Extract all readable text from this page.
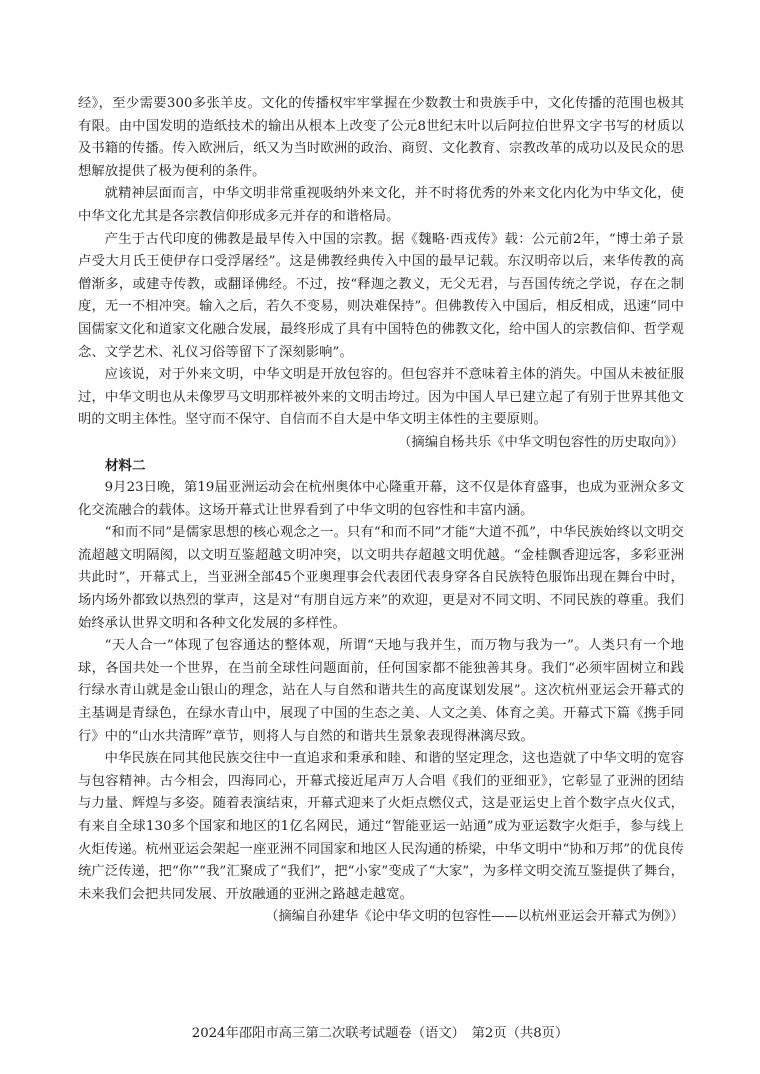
经》，至少需要300多张羊皮。文化的传播权牢牢掌握在少数教士和贵族手中，文化传播的范围也极其有限。由中国发明的造纸技术的输出从根本上改变了公元8世纪末叶以后阿拉伯世界文字书写的材质以及书籍的传播。传入欧洲后，纸又为当时欧洲的政治、商贸、文化教育、宗教改革的成功以及民众的思想解放提供了极为便利的条件。

就精神层面而言，中华文明非常重视吸纳外来文化，并不时将优秀的外来文化内化为中华文化，使中华文化尤其是各宗教信仰形成多元并存的和谐格局。

产生于古代印度的佛教是最早传入中国的宗教。据《魏略·西戎传》载：公元前2年，“博士弟子景卢受大月氏王使伊存口受浮屠经”。这是佛教经典传入中国的最早记载。东汉明帝以后，来华传教的高僧渐多，或建寺传教，或翻译佛经。不过，按“释迦之教义，无父无君，与吾国传统之学说，存在之制度，无一不相冲突。输入之后，若久不变易，则决难保持”。但佛教传入中国后，相反相成，迅速“同中国儒家文化和道家文化融合发展，最终形成了具有中国特色的佛教文化，给中国人的宗教信仰、哲学观念、文学艺术、礼仪习俗等留下了深刻影响”。

应该说，对于外来文明，中华文明是开放包容的。但包容并不意味着主体的消失。中国从未被征服过，中华文明也从未像罗马文明那样被外来的文明击垮过。因为中国人早已建立起了有别于世界其他文明的文明主体性。坚守而不保守、自信而不自大是中华文明主体性的主要原则。

（摘编自杨共乐《中华文明包容性的历史取向》）

材料二

9月23日晚，第19届亚洲运动会在杭州奥体中心隆重开幕，这不仅是体育盛事，也成为亚洲众多文化交流融合的载体。这场开幕式让世界看到了中华文明的包容性和丰富内涵。

“和而不同”是儒家思想的核心观念之一。只有“和而不同”才能“大道不孤”，中华民族始终以文明交流超越文明隔阂，以文明互鉴超越文明冲突，以文明共存超越文明优越。“金桂飘香迎远客，多彩亚洲共此时”，开幕式上，当亚洲全部45个亚奥理事会代表团代表身穿各自民族特色服饰出现在舞台中时，场内场外都致以热烈的掌声，这是对“有朋自远方来”的欢迎，更是对不同文明、不同民族的尊重。我们始终承认世界文明和各种文化发展的多样性。

“天人合一”体现了包容通达的整体观，所谓“天地与我并生，而万物与我为一”。人类只有一个地球，各国共处一个世界，在当前全球性问题面前，任何国家都不能独善其身。我们“必须牢固树立和践行绿水青山就是金山银山的理念，站在人与自然和谐共生的高度谋划发展”。这次杭州亚运会开幕式的主基调是青绿色，在绿水青山中，展现了中国的生态之美、人文之美、体育之美。开幕式下篇《携手同行》中的“山水共清晖”章节，则将人与自然的和谐共生景象表现得淋漓尽致。

中华民族在同其他民族交往中一直追求和秉承和睦、和谐的坚定理念，这也造就了中华文明的宽容与包容精神。古今相会，四海同心，开幕式接近尾声万人合唱《我们的亚细亚》，它彰显了亚洲的团结与力量、辉煌与多姿。随着表演结束，开幕式迎来了火炬点燃仪式，这是亚运史上首个数字点火仪式，有来自全球130多个国家和地区的1亿名网民，通过“智能亚运一站通”成为亚运数字火炬手，参与线上火炬传递。杭州亚运会架起一座亚洲不同国家和地区人民沟通的桥梁，中华文明中“协和万邦”的优良传统广泛传递，把“你”“我”汇聚成了“我们”，把“小家”变成了“大家”，为多样文明交流互鉴提供了舞台，未来我们会把共同发展、开放融通的亚洲之路越走越宽。

（摘编自孙建华《论中华文明的包容性——以杭州亚运会开幕式为例》）

2024年邵阳市高三第二次联考试题卷（语文）　第2页（共8页）
